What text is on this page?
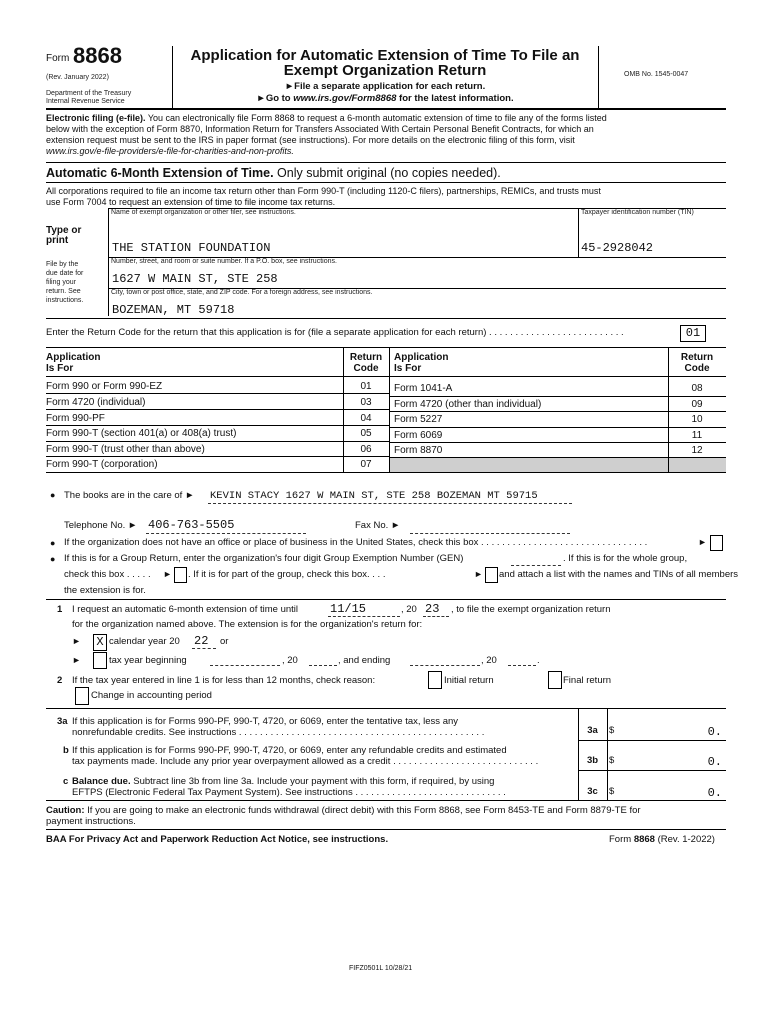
Form 8868
(Rev. January 2022)
Department of the Treasury
Internal Revenue Service
Application for Automatic Extension of Time To File an
Exempt Organization Return
►File a separate application for each return.
►Go to www.irs.gov/Form8868 for the latest information.
OMB No. 1545-0047
Electronic filing (e-file). You can electronically file Form 8868 to request a 6-month automatic extension of time to file any of the forms listed
below with the exception of Form 8870, Information Return for Transfers Associated With Certain Personal Benefit Contracts, for which an
extension request must be sent to the IRS in paper format (see instructions). For more details on the electronic filing of this form, visit
www.irs.gov/e-file-providers/e-file-for-charities-and-non-profits.
Automatic 6-Month Extension of Time. Only submit original (no copies needed).
All corporations required to file an income tax return other than Form 990-T (including 1120-C filers), partnerships, REMICs, and trusts must
use Form 7004 to request an extension of time to file income tax returns.
Type or
print
File by the
due date for
filing your
return. See
instructions.
Name of exempt organization or other filer, see instructions.	Taxpayer identification number (TIN)
THE STATION FOUNDATION	45-2928042
Number, street, and room or suite number. If a P.O. box, see instructions.
1627 W MAIN ST, STE 258
City, town or post office, state, and ZIP code. For a foreign address, see instructions.
BOZEMAN, MT 59718
Enter the Return Code for the return that this application is for (file a separate application for each return) . . . . . . . . . . . . . . . . . . . . . . . . . .	01
Application
Is For
Return
Code
Application
Is For
Return
Code
Form 990 or Form 990-EZ	01
Form 4720 (individual)	03
Form 990-PF	04
Form 990-T (section 401(a) or 408(a) trust)	05
Form 990-T (trust other than above)	06
Form 990-T (corporation)	07
Form 1041-A	08
Form 4720 (other than individual)	09
Form 5227	10
Form 6069	11
Form 8870	12
● The books are in the care of ► KEVIN STACY 1627 W MAIN ST, STE 258 BOZEMAN MT 59715
Telephone No. ► 406-763-5505	Fax No. ►
● If the organization does not have an office or place of business in the United States, check this box . . . . . . . . . . . . . . . . . . . . . . . . . . . . . . . .	►
● If this is for a Group Return, enter the organization's four digit Group Exemption Number (GEN)	. If this is for the whole group,
check this box . . . . . ► . If it is for part of the group, check this box. . . .	► and attach a list with the names and TINs of all members
the extension is for.
1 I request an automatic 6-month extension of time until	11/15	, 20 23 , to file the exempt organization return
for the organization named above. The extension is for the organization's return for:
► X calendar year 20 22 or
►	tax year beginning	, 20	, and ending	, 20	.
2 If the tax year entered in line 1 is for less than 12 months, check reason:	Initial return	Final return
Change in accounting period
3a If this application is for Forms 990-PF, 990-T, 4720, or 6069, enter the tentative tax, less any
nonrefundable credits. See instructions . . . . . . . . . . . . . . . . . . . . . . . . . . . . . . . . . . . . . . . . . . . . . . .	3a	$	0.
b If this application is for Forms 990-PF, 990-T, 4720, or 6069, enter any refundable credits and estimated
tax payments made. Include any prior year overpayment allowed as a credit . . . . . . . . . . . . . . . . . . . . . . . . . . . .	3b	$	0.
c Balance due. Subtract line 3b from line 3a. Include your payment with this form, if required, by using
EFTPS (Electronic Federal Tax Payment System). See instructions . . . . . . . . . . . . . . . . . . . . . . . . . . . . .	3c	$	0.
Caution: If you are going to make an electronic funds withdrawal (direct debit) with this Form 8868, see Form 8453-TE and Form 8879-TE for
payment instructions.
BAA For Privacy Act and Paperwork Reduction Act Notice, see instructions.	Form 8868 (Rev. 1-2022)
FIFZ0501L 10/28/21
